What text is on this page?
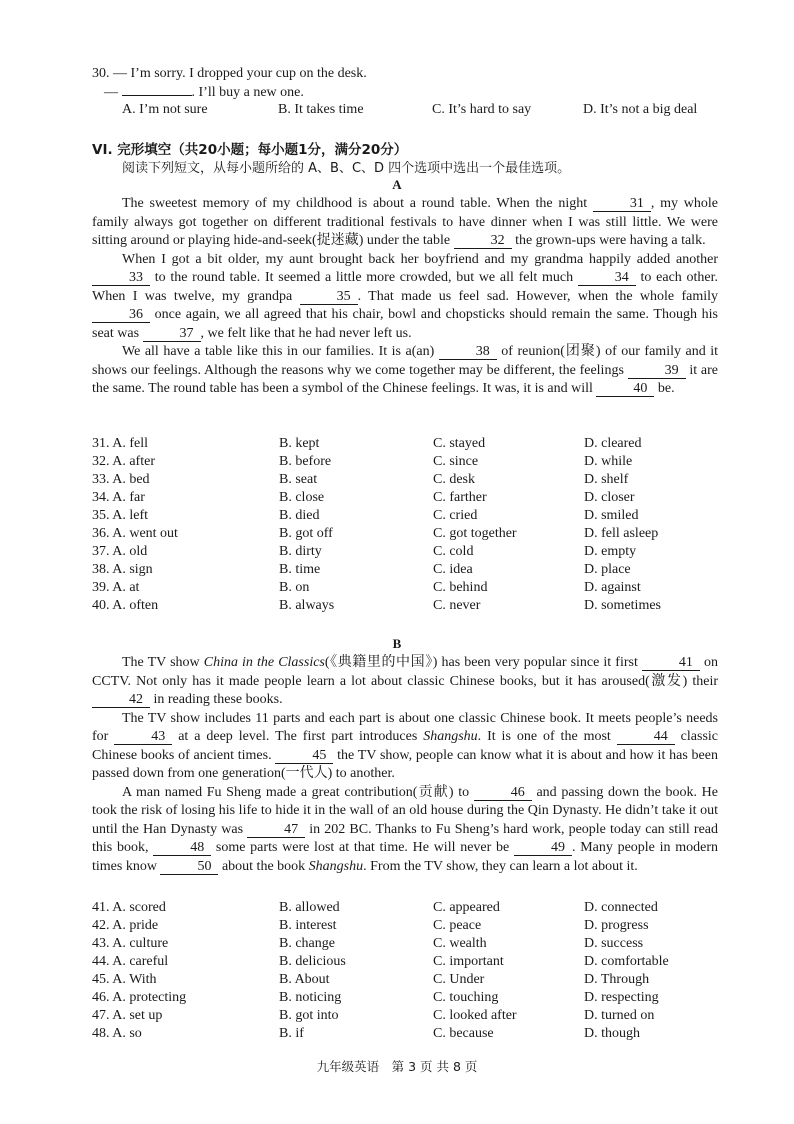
30. — I’m sorry. I dropped your cup on the desk.
—	. I’ll buy a new one.
A. I’m not sure	B. It takes time	C. It’s hard to say	D. It’s not a big deal
VI. 完形填空（共20小题；每小题1分，满分20分）
阅读下列短文，从每小题所给的 A、B、C、D 四个选项中选出一个最佳选项。
A

The sweetest memory of my childhood is about a round table. When the night	31 , my whole family always got together on different traditional festivals to have dinner when I was still little. We were sitting around or playing hide-and-seek(捉迷藏) under the table	32 the grown-ups were having a talk.

When I got a bit older, my aunt brought back her boyfriend and my grandma happily added another 33 to the round table. It seemed a little more crowded, but we all felt much	34 to each other. When I was twelve, my grandpa	35 . That made us feel sad. However, when the whole family 36 once again, we all agreed that his chair, bowl and chopsticks should remain the same. Though his seat was	37 , we felt like that he had never left us.

We all have a table like this in our families. It is a(an)	38 of reunion(团聚) of our family and it shows our feelings. Although the reasons why we come together may be different, the feelings	39 it are the same. The round table has been a symbol of the Chinese feelings. It was, it is and will	40 be.

31. A. fell	B. kept	C. stayed	D. cleared
32. A. after	B. before	C. since	D. while
33. A. bed	B. seat	C. desk	D. shelf
34. A. far	B. close	C. farther	D. closer
35. A. left	B. died	C. cried	D. smiled
36. A. went out	B. got off	C. got together	D. fell asleep
37. A. old	B. dirty	C. cold	D. empty
38. A. sign	B. time	C. idea	D. place
39. A. at	B. on	C. behind	D. against
40. A. often	B. always	C. never	D. sometimes
B

The TV show China in the Classics(《典籍里的中国》) has been very popular since it first	41 on CCTV. Not only has it made people learn a lot about classic Chinese books, but it has aroused(激发) their 42 in reading these books.

The TV show includes 11 parts and each part is about one classic Chinese book. It meets people’s needs for	43 at a deep level. The first part introduces Shangshu. It is one of the most	44 classic Chinese books of ancient times.	45 the TV show, people can know what it is about and how it has been passed down from one generation(一代人) to another.

A man named Fu Sheng made a great contribution(贡献) to	46 and passing down the book. He took the risk of losing his life to hide it in the wall of an old house during the Qin Dynasty. He didn’t take it out until the Han Dynasty was	47 in 202 BC. Thanks to Fu Sheng’s hard work, people today can still read this book,	48 some parts were lost at that time. He will never be	49 . Many people in modern times know	50 about the book Shangshu. From the TV show, they can learn a lot about it.

41. A. scored	B. allowed	C. appeared	D. connected
42. A. pride	B. interest	C. peace	D. progress
43. A. culture	B. change	C. wealth	D. success
44. A. careful	B. delicious	C. important	D. comfortable
45. A. With	B. About	C. Under	D. Through
46. A. protecting	B. noticing	C. touching	D. respecting
47. A. set up	B. got into	C. looked after	D. turned on
48. A. so	B. if	C. because	D. though
九年级英语　第 3 页 共 8 页
